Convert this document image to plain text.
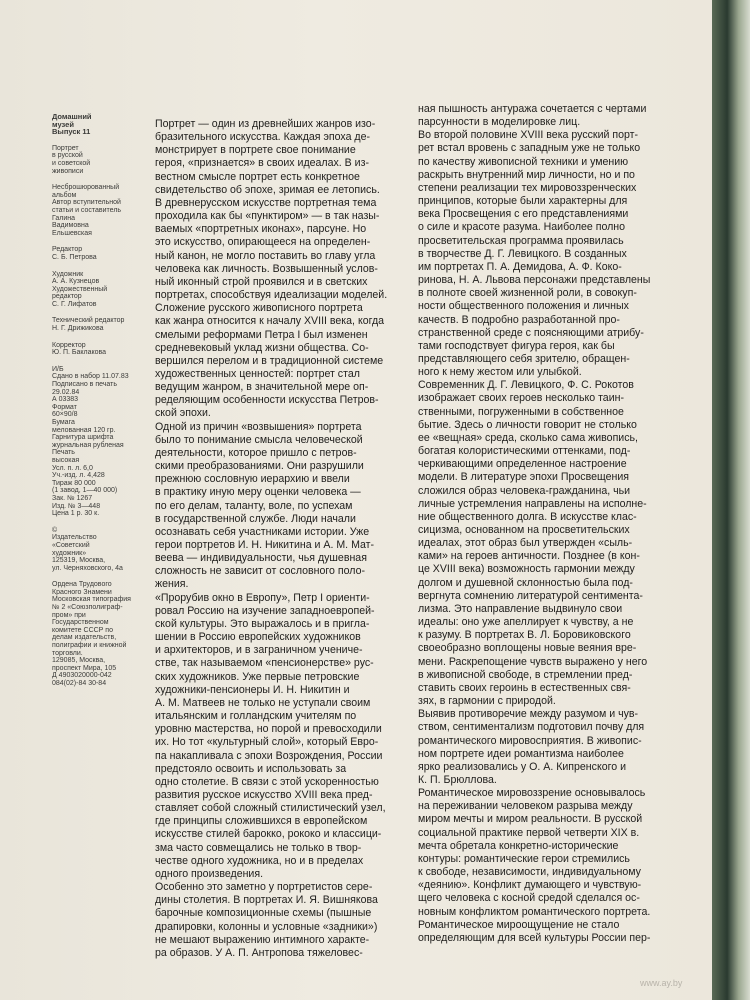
Домашний
музей
Выпуск 11
Портрет
в русской
и советской
живописи
Несброшюрованный
альбом
Автор вступительной
статьи и составитель
Галина
Вадимовна
Ельшевская
Редактор
С. Б. Петрова
Художник
А. А. Кузнецов
Художественный
редактор
С. Г. Лифатов
Технический редактор
Н. Г. Дрижикова
Корректор
Ю. П. Баклакова
И/Б
Сдано в набор 11.07.83
Подписано в печать
29.02.84
А 03383
Формат
60×90/8
Бумага
мелованная 120 гр.
Гарнитура шрифта
журнальная рубленая
Печать
высокая
Усл. п. л. 6,0
Уч.-изд. л. 4,428
Тираж 80 000
(1 завод, 1—40 000)
Зак. № 1267
Изд. № 3—448
Цена 1 р. 30 к.
©
Издательство
«Советский
художник»
125319, Москва,
ул. Черняховского, 4а
Ордена Трудового
Красного Знамени
Московская типография
№ 2 «Союзполиграф-
пром» при
Государственном
комитете СССР по
делам издательств,
полиграфии и книжной
торговли.
129085, Москва,
проспект Мира, 105
Д 4903020000-042
084(02)-84 30-84
Портрет — один из древнейших жанров изо-
бразительного искусства. Каждая эпоха де-
монстрирует в портрете свое понимание
героя, «признается» в своих идеалах. В из-
вестном смысле портрет есть конкретное
свидетельство об эпохе, зримая ее летопись.
В древнерусском искусстве портретная тема
проходила как бы «пунктиром» — в так назы-
ваемых «портретных иконах», парсуне. Но
это искусство, опирающееся на определен-
ный канон, не могло поставить во главу угла
человека как личность. Возвышенный услов-
ный иконный строй проявился и в светских
портретах, способствуя идеализации моделей.
Сложение русского живописного портрета
как жанра относится к началу XVIII века, когда
смелыми реформами Петра I был изменен
средневековый уклад жизни общества. Со-
вершился перелом и в традиционной системе
художественных ценностей: портрет стал
ведущим жанром, в значительной мере оп-
ределяющим особенности искусства Петров-
ской эпохи.
Одной из причин «возвышения» портрета
было то понимание смысла человеческой
деятельности, которое пришло с петров-
скими преобразованиями. Они разрушили
прежнюю сословную иерархию и ввели
в практику иную меру оценки человека —
по его делам, таланту, воле, по успехам
в государственной службе. Люди начали
осознавать себя участниками истории. Уже
герои портретов И. Н. Никитина и А. М. Мат-
веева — индивидуальности, чья душевная
сложность не зависит от сословного поло-
жения.
«Прорубив окно в Европу», Петр I ориенти-
ровал Россию на изучение западноевропей-
ской культуры. Это выражалось и в пригла-
шении в Россию европейских художников
и архитекторов, и в заграничном учениче-
стве, так называемом «пенсионерстве» рус-
ских художников. Уже первые петровские
художники-пенсионеры И. Н. Никитин и
А. М. Матвеев не только не уступали своим
итальянским и голландским учителям по
уровню мастерства, но порой и превосходили
их. Но тот «культурный слой», который Евро-
па накапливала с эпохи Возрождения, России
предстояло освоить и использовать за
одно столетие. В связи с этой ускоренностью
развития русское искусство XVIII века пред-
ставляет собой сложный стилистический узел,
где принципы сложившихся в европейском
искусстве стилей барокко, рококо и классици-
зма часто совмещались не только в твор-
честве одного художника, но и в пределах
одного произведения.
Особенно это заметно у портретистов сере-
дины столетия. В портретах И. Я. Вишнякова
барочные композиционные схемы (пышные
драпировки, колонны и условные «задники»)
не мешают выражению интимного характе-
ра образов. У А. П. Антропова тяжеловес-
ная пышность антуража сочетается с чертами
парсунности в моделировке лиц.
Во второй половине XVIII века русский порт-
рет встал вровень с западным уже не только
по качеству живописной техники и умению
раскрыть внутренний мир личности, но и по
степени реализации тех мировоззренческих
принципов, которые были характерны для
века Просвещения с его представлениями
о силе и красоте разума. Наиболее полно
просветительская программа проявилась
в творчестве Д. Г. Левицкого. В созданных
им портретах П. А. Демидова, А. Ф. Коко-
ринова, Н. А. Львова персонажи представлены
в полноте своей жизненной роли, в совокуп-
ности общественного положения и личных
качеств. В подробно разработанной про-
странственной среде с поясняющими атрибу-
тами господствует фигура героя, как бы
представляющего себя зрителю, обращен-
ного к нему жестом или улыбкой.
Современник Д. Г. Левицкого, Ф. С. Рокотов
изображает своих героев несколько таин-
ственными, погруженными в собственное
бытие. Здесь о личности говорит не столько
ее «вещная» среда, сколько сама живопись,
богатая колористическими оттенками, под-
черкивающими определенное настроение
модели. В литературе эпохи Просвещения
сложился образ человека-гражданина, чьи
личные устремления направлены на исполне-
ние общественного долга. В искусстве клас-
сицизма, основанном на просветительских
идеалах, этот образ был утвержден «сыль-
ками» на героев античности. Позднее (в кон-
це XVIII века) возможность гармонии между
долгом и душевной склонностью была под-
вергнута сомнению литературой сентимента-
лизма. Это направление выдвинуло свои
идеалы: оно уже апеллирует к чувству, а не
к разуму. В портретах В. Л. Боровиковского
своеобразно воплощены новые веяния вре-
мени. Раскрепощение чувств выражено у него
в живописной свободе, в стремлении пред-
ставить своих героинь в естественных свя-
зях, в гармонии с природой.
Выявив противоречие между разумом и чув-
ством, сентиментализм подготовил почву для
романтического мировосприятия. В живопис-
ном портрете идеи романтизма наиболее
ярко реализовались у О. А. Кипренского и
К. П. Брюллова.
Романтическое мировоззрение основывалось
на переживании человеком разрыва между
миром мечты и миром реальности. В русской
социальной практике первой четверти XIX в.
мечта обретала конкретно-исторические
контуры: романтические герои стремились
к свободе, независимости, индивидуальному
«деянию». Конфликт думающего и чувствую-
щего человека с косной средой сделался ос-
новным конфликтом романтического портрета.
Романтическое мироощущение не стало
определяющим для всей культуры России пер-
www.ay.by
